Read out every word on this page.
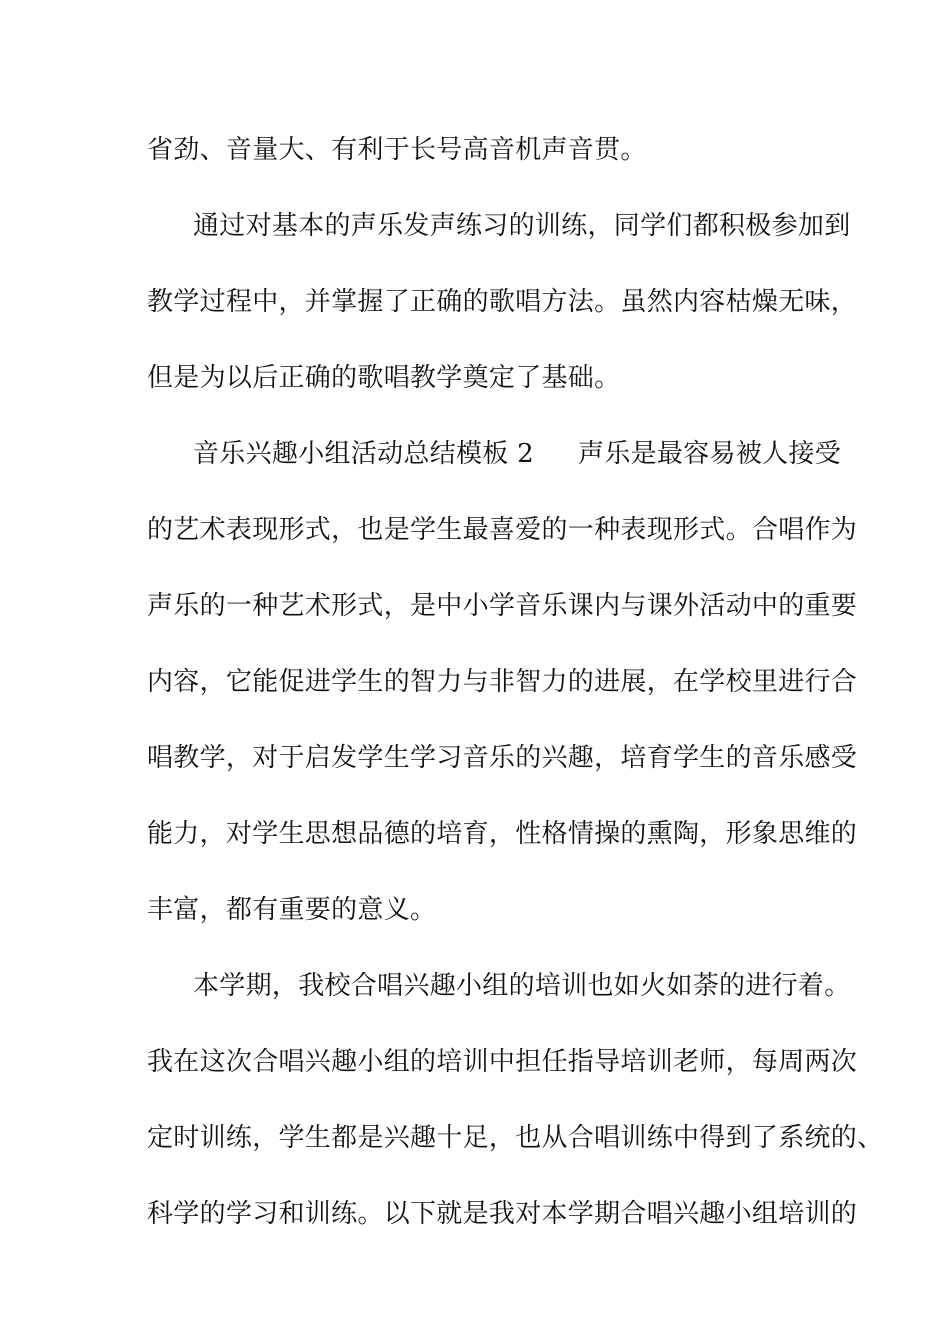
省劲、音量大、有利于长号高音机声音贯。

通过对基本的声乐发声练习的训练，同学们都积极参加到

教学过程中，并掌握了正确的歌唱方法。虽然内容枯燥无味，

但是为以后正确的歌唱教学奠定了基础。

音乐兴趣小组活动总结模板 2 声乐是最容易被人接受

的艺术表现形式，也是学生最喜爱的一种表现形式。合唱作为

声乐的一种艺术形式，是中小学音乐课内与课外活动中的重要

内容，它能促进学生的智力与非智力的进展，在学校里进行合

唱教学，对于启发学生学习音乐的兴趣，培育学生的音乐感受

能力，对学生思想品德的培育，性格情操的熏陶，形象思维的

丰富，都有重要的意义。

本学期，我校合唱兴趣小组的培训也如火如荼的进行着。

我在这次合唱兴趣小组的培训中担任指导培训老师，每周两次

定时训练，学生都是兴趣十足，也从合唱训练中得到了系统的、

科学的学习和训练。以下就是我对本学期合唱兴趣小组培训的
